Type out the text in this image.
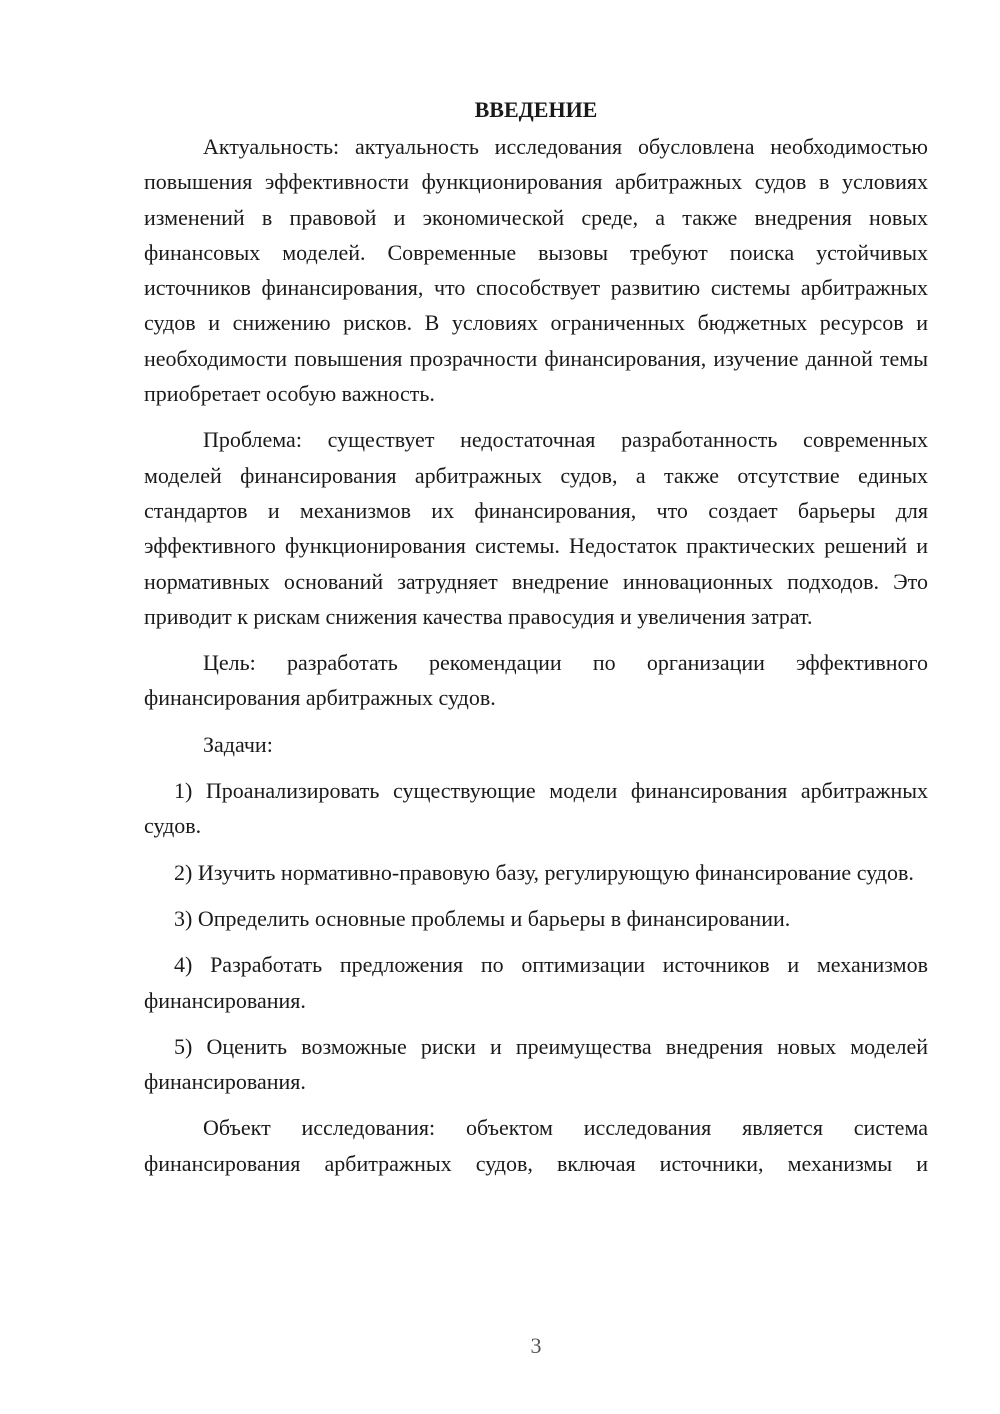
ВВЕДЕНИЕ

Актуальность: актуальность исследования обусловлена необходимостью повышения эффективности функционирования арбитражных судов в условиях изменений в правовой и экономической среде, а также внедрения новых финансовых моделей. Современные вызовы требуют поиска устойчивых источников финансирования, что способствует развитию системы арбитражных судов и снижению рисков. В условиях ограниченных бюджетных ресурсов и необходимости повышения прозрачности финансирования, изучение данной темы приобретает особую важность.

Проблема: существует недостаточная разработанность современных моделей финансирования арбитражных судов, а также отсутствие единых стандартов и механизмов их финансирования, что создает барьеры для эффективного функционирования системы. Недостаток практических решений и нормативных оснований затрудняет внедрение инновационных подходов. Это приводит к рискам снижения качества правосудия и увеличения затрат.

Цель: разработать рекомендации по организации эффективного финансирования арбитражных судов.

Задачи:

1) Проанализировать существующие модели финансирования арбитражных судов.

2) Изучить нормативно-правовую базу, регулирующую финансирование судов.

3) Определить основные проблемы и барьеры в финансировании.

4) Разработать предложения по оптимизации источников и механизмов финансирования.

5) Оценить возможные риски и преимущества внедрения новых моделей финансирования.

Объект исследования: объектом исследования является система финансирования арбитражных судов, включая источники, механизмы и

3
